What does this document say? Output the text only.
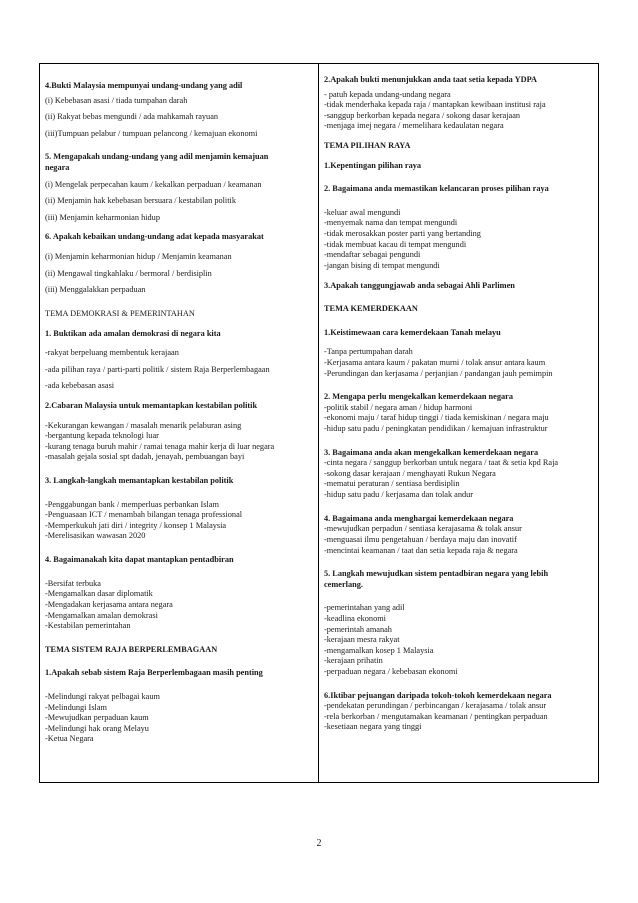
4.Bukti Malaysia mempunyai undang-undang yang adil
(i) Kebebasan asasi / tiada tumpahan darah
(ii) Rakyat bebas mengundi / ada mahkamah rayuan
(iii)Tumpuan pelabur / tumpuan pelancong / kemajuan ekonomi
5. Mengapakah undang-undang yang adil menjamin kemajuan
negara
(i) Mengelak perpecahan kaum / kekalkan perpaduan / keamanan
(ii) Menjamin hak kebebasan bersuara / kestabilan politik
(iii) Menjamin keharmonian hidup
6. Apakah kebaikan undang-undang adat kepada masyarakat
(i) Menjamin keharmonian hidup / Menjamin keamanan
(ii) Mengawal tingkahlaku / bermoral / berdisiplin
(iii) Menggalakkan perpaduan
TEMA DEMOKRASI & PEMERINTAHAN
1. Buktikan ada amalan demokrasi di negara kita
-rakyat berpeluang membentuk kerajaan
-ada pilihan raya / parti-parti politik / sistem Raja Berperlembagaan
-ada kebebasan asasi
2.Cabaran Malaysia untuk memantapkan kestabilan politik
-Kekurangan kewangan / masalah menarik pelaburan asing
-bergantung kepada teknologi luar
-kurang tenaga buruh mahir / ramai tenaga mahir kerja di luar negara
-masalah gejala sosial spt dadah, jenayah, pembuangan bayi
3. Langkah-langkah memantapkan kestabilan politik
-Penggabungan bank / memperluas perbankan Islam
-Penguasaan ICT / menambah bilangan tenaga professional
-Memperkukuh jati diri / integrity / konsep 1 Malaysia
-Merelisasikan wawasan 2020
4. Bagaimanakah kita dapat mantapkan pentadbiran
-Bersifat terbuka
-Mengamalkan dasar diplomatik
-Mengadakan kerjasama antara negara
-Mengamalkan amalan demokrasi
-Kestabilan pemerintahan
TEMA SISTEM RAJA BERPERLEMBAGAAN
1.Apakah sebab sistem Raja Berperlembagaan masih penting
-Melindungi rakyat pelbagai kaum
-Melindungi Islam
-Mewujudkan perpaduan kaum
-Melindungi hak orang Melayu
-Ketua Negara
2.Apakah bukti menunjukkan anda taat setia kepada YDPA
- patuh kepada undang-undang negara
-tidak menderhaka kepada raja / mantapkan kewibaan institusi raja
-sanggup berkorban kepada negara / sokong dasar kerajaan
-menjaga imej negara / memelihara kedaulatan negara
TEMA PILIHAN RAYA
1.Kepentingan pilihan raya
2. Bagaimana anda memastikan kelancaran proses pilihan raya
-keluar awal mengundi
-menyemak nama dan tempat mengundi
-tidak merosakkan poster parti yang bertanding
-tidak membuat kacau di tempat mengundi
-mendaftar sebagai pengundi
-jangan bising di tempat mengundi
3.Apakah tanggungjawab anda sebagai Ahli Parlimen
TEMA KEMERDEKAAN
1.Keistimewaan cara kemerdekaan Tanah melayu
-Tanpa pertumpahan darah
-Kerjasama antara kaum / pakatan murni / tolak ansur antara kaum
-Perundingan dan kerjasama / perjanjian / pandangan jauh pemimpin
2. Mengapa perlu mengekalkan kemerdekaan negara
-politik stabil / negara aman / hidup harmoni
-ekonomi maju / taraf hidup tinggi / tiada kemiskinan / negara maju
-hidup satu padu / peningkatan pendidikan / kemajuan infrastruktur
3. Bagaimana anda akan mengekalkan kemerdekaan negara
-cinta negara / sanggup berkorban untuk negara / taat & setia kpd Raja
-sokong dasar kerajaan / menghayati Rukun Negara
-mematui peraturan / sentiasa berdisiplin
-hidup satu padu / kerjasama dan tolak andur
4. Bagaimana anda menghargai kemerdekaan negara
-mewujudkan perpadun / sentiasa kerajasama & tolak ansur
-menguasai ilmu pengetahuan / berdaya maju dan inovatif
-mencintai keamanan / taat dan setia kepada raja & negara
5. Langkah mewujudkan sistem pentadbiran negara yang lebih
cemerlang.
-pemerintahan yang adil
-keadlina ekonomi
-pemerintah amanah
-kerajaan mesra rakyat
-mengamalkan kosep 1 Malaysia
-kerajaan prihatin
-perpaduan negara / kebebasan ekonomi
6.Iktibar pejuangan daripada tokoh-tokoh kemerdekaan negara
-pendekatan perundingan / perbincangan / kerajasama / tolak ansur
-rela berkorban / mengutamakan keamanan / pentingkan perpaduan
-kesetiaan negara yang tinggi
2
